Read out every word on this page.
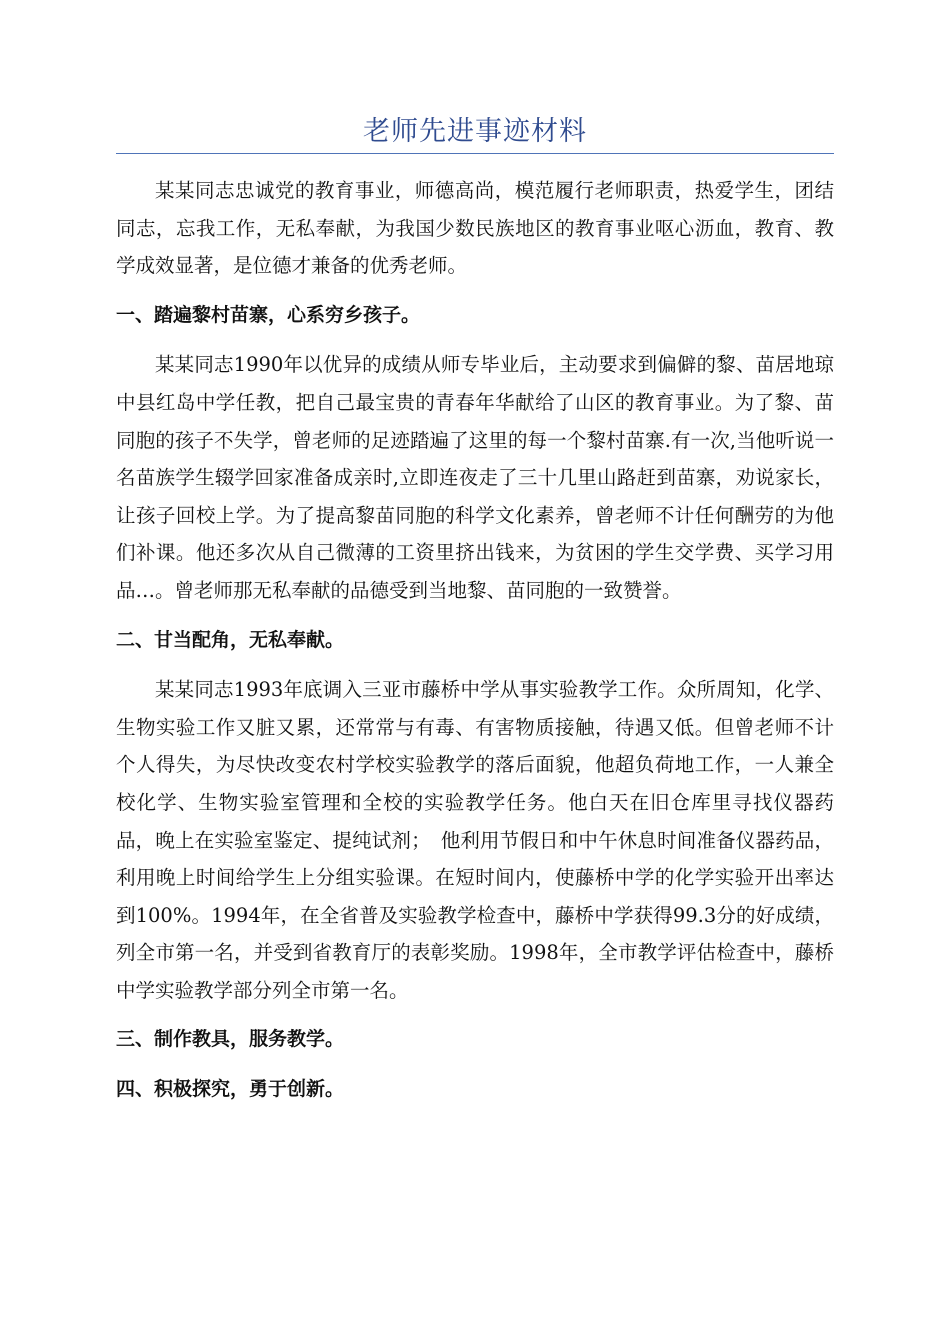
老师先进事迹材料

某某同志忠诚党的教育事业，师德高尚，模范履行老师职责，热爱学生，团结同志，忘我工作，无私奉献，为我国少数民族地区的教育事业呕心沥血，教育、教学成效显著，是位德才兼备的优秀老师。

一、踏遍黎村苗寨，心系穷乡孩子。

某某同志1990年以优异的成绩从师专毕业后，主动要求到偏僻的黎、苗居地琼中县红岛中学任教，把自己最宝贵的青春年华献给了山区的教育事业。为了黎、苗同胞的孩子不失学，曾老师的足迹踏遍了这里的每一个黎村苗寨.有一次,当他听说一名苗族学生辍学回家准备成亲时,立即连夜走了三十几里山路赶到苗寨，劝说家长，让孩子回校上学。为了提高黎苗同胞的科学文化素养，曾老师不计任何酬劳的为他们补课。他还多次从自己微薄的工资里挤出钱来，为贫困的学生交学费、买学习用品…。曾老师那无私奉献的品德受到当地黎、苗同胞的一致赞誉。

二、甘当配角，无私奉献。

某某同志1993年底调入三亚市藤桥中学从事实验教学工作。众所周知，化学、生物实验工作又脏又累，还常常与有毒、有害物质接触，待遇又低。但曾老师不计个人得失，为尽快改变农村学校实验教学的落后面貌，他超负荷地工作，一人兼全校化学、生物实验室管理和全校的实验教学任务。他白天在旧仓库里寻找仪器药品，晚上在实验室鉴定、提纯试剂；　他利用节假日和中午休息时间准备仪器药品，利用晚上时间给学生上分组实验课。在短时间内，使藤桥中学的化学实验开出率达到100%。1994年，在全省普及实验教学检查中，藤桥中学获得99.3分的好成绩，列全市第一名，并受到省教育厅的表彰奖励。1998年，全市教学评估检查中，藤桥中学实验教学部分列全市第一名。

三、制作教具，服务教学。

四、积极探究，勇于创新。
